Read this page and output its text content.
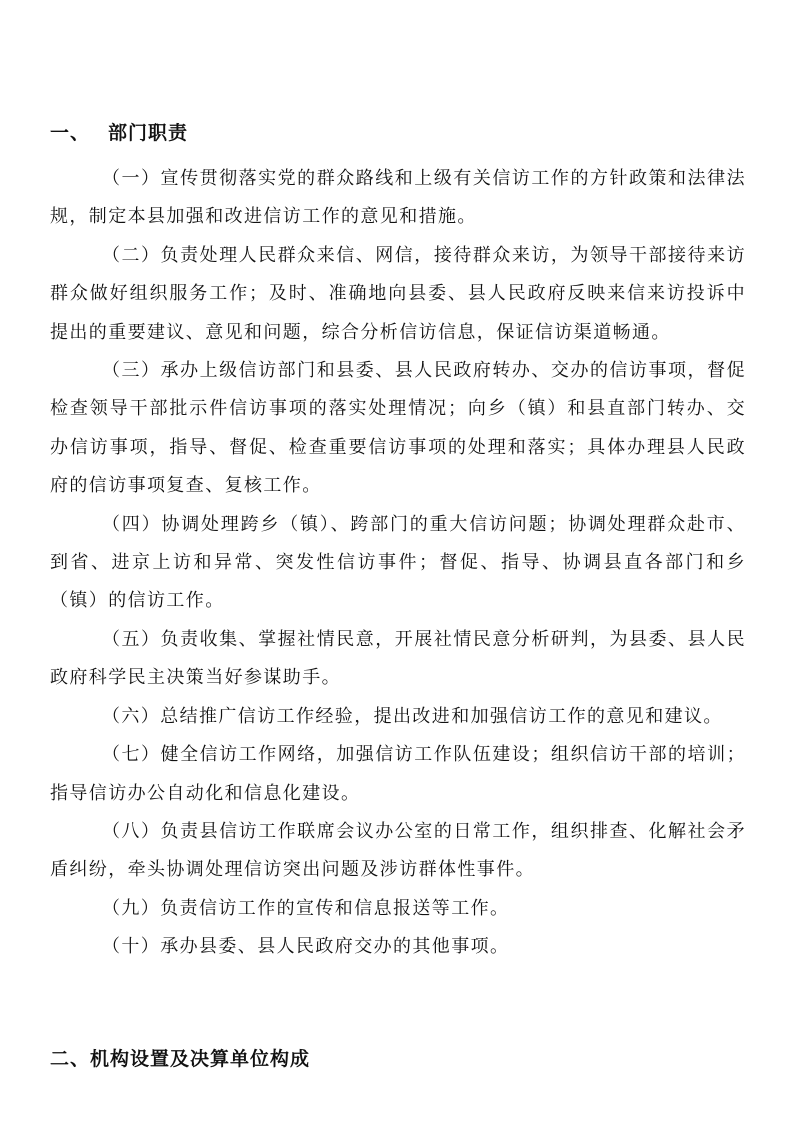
一、 部门职责

（一）宣传贯彻落实党的群众路线和上级有关信访工作的方针政策和法律法规，制定本县加强和改进信访工作的意见和措施。

（二）负责处理人民群众来信、网信，接待群众来访，为领导干部接待来访群众做好组织服务工作；及时、准确地向县委、县人民政府反映来信来访投诉中提出的重要建议、意见和问题，综合分析信访信息，保证信访渠道畅通。

（三）承办上级信访部门和县委、县人民政府转办、交办的信访事项，督促检查领导干部批示件信访事项的落实处理情况；向乡（镇）和县直部门转办、交办信访事项，指导、督促、检查重要信访事项的处理和落实；具体办理县人民政府的信访事项复查、复核工作。

（四）协调处理跨乡（镇）、跨部门的重大信访问题；协调处理群众赴市、到省、进京上访和异常、突发性信访事件；督促、指导、协调县直各部门和乡（镇）的信访工作。

（五）负责收集、掌握社情民意，开展社情民意分析研判，为县委、县人民政府科学民主决策当好参谋助手。

（六）总结推广信访工作经验，提出改进和加强信访工作的意见和建议。

（七）健全信访工作网络，加强信访工作队伍建设；组织信访干部的培训；指导信访办公自动化和信息化建设。

（八）负责县信访工作联席会议办公室的日常工作，组织排查、化解社会矛盾纠纷，牵头协调处理信访突出问题及涉访群体性事件。

（九）负责信访工作的宣传和信息报送等工作。

（十）承办县委、县人民政府交办的其他事项。

二、机构设置及决算单位构成
